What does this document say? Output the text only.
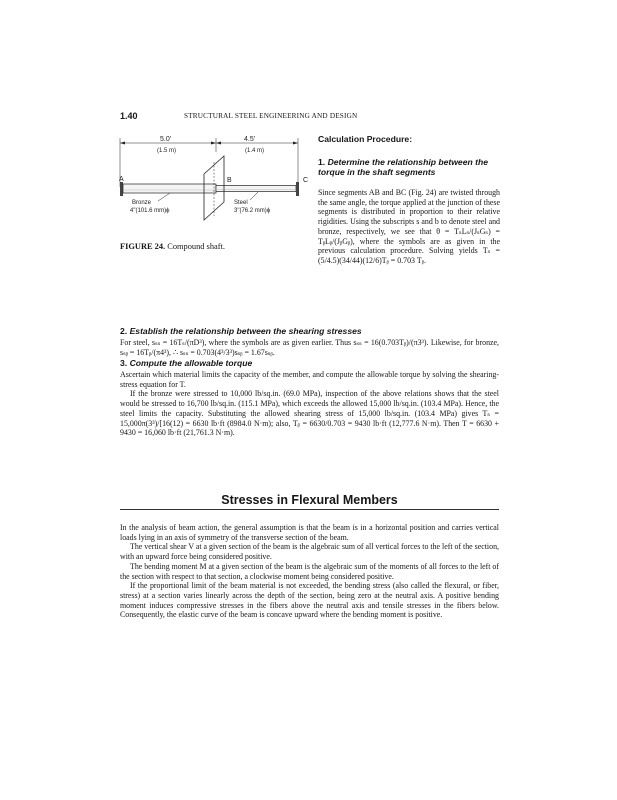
1.40	STRUCTURAL STEEL ENGINEERING AND DESIGN
5.0'
(1.5 m)
4.5'
(1.4 m)
A	B	C
Bronze
4"(101.6 mm)ϕ
Steel
3"(76.2 mm)ϕ
FIGURE 24. Compound shaft.
Calculation Procedure:
1. Determine the relationship between the torque in the shaft segments

Since segments AB and BC (Fig. 24) are twisted through the same angle, the torque applied at the junction of these segments is distributed in proportion to their relative rigidities. Using the subscripts s and b to denote steel and bronze, respectively, we see that θ = TₛLₛ/(JₛGₛ) = TᵦLᵦ/(JᵦGᵦ), where the symbols are as given in the previous calculation procedure. Solving yields Tₛ = (5/4.5)(34/44)(12/6)Tᵦ = 0.703 Tᵦ.

2. Establish the relationship between the shearing stresses

For steel, sₛₛ = 16Tₛ/(πD³), where the symbols are as given earlier. Thus sₛₛ = 16(0.703Tᵦ)/(π3³). Likewise, for bronze, sₛᵦ = 16Tᵦ/(π4³), ∴ sₛₛ = 0.703(4³/3³)sₛᵦ = 1.67sₛᵦ.

3. Compute the allowable torque

Ascertain which material limits the capacity of the member, and compute the allowable torque by solving the shearing-stress equation for T.

If the bronze were stressed to 10,000 lb/sq.in. (69.0 MPa), inspection of the above relations shows that the steel would be stressed to 16,700 lb/sq.in. (115.1 MPa), which exceeds the allowed 15,000 lb/sq.in. (103.4 MPa). Hence, the steel limits the capacity. Substituting the allowed shearing stress of 15,000 lb/sq.in. (103.4 MPa) gives Tₛ = 15,000π(3³)/[16(12) = 6630 lb·ft (8984.0 N·m); also, Tᵦ = 6630/0.703 = 9430 lb·ft (12,777.6 N·m). Then T = 6630 + 9430 = 16,060 lb·ft (21,761.3 N·m).

Stresses in Flexural Members

In the analysis of beam action, the general assumption is that the beam is in a horizontal position and carries vertical loads lying in an axis of symmetry of the transverse section of the beam.

The vertical shear V at a given section of the beam is the algebraic sum of all vertical forces to the left of the section, with an upward force being considered positive.

The bending moment M at a given section of the beam is the algebraic sum of the moments of all forces to the left of the section with respect to that section, a clockwise moment being considered positive.

If the proportional limit of the beam material is not exceeded, the bending stress (also called the flexural, or fiber, stress) at a section varies linearly across the depth of the section, being zero at the neutral axis. A positive bending moment induces compressive stresses in the fibers above the neutral axis and tensile stresses in the fibers below. Consequently, the elastic curve of the beam is concave upward where the bending moment is positive.
